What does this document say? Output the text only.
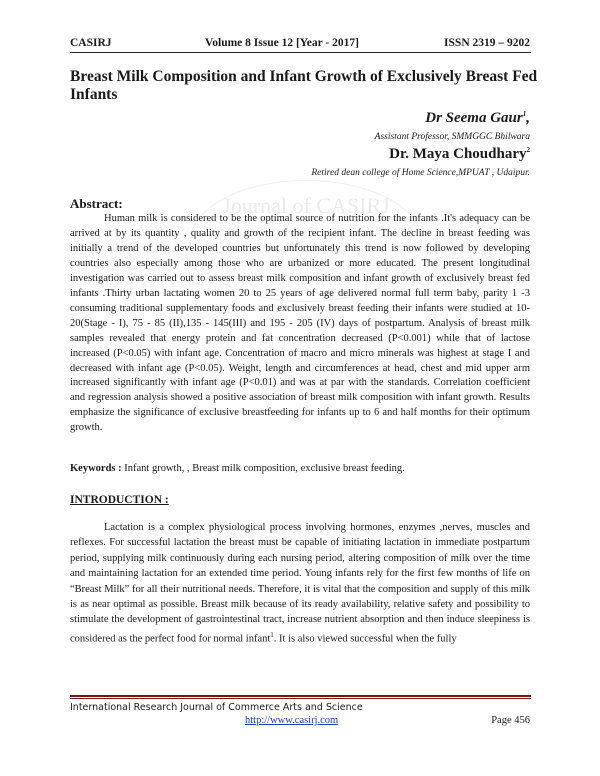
CASIRJ	Volume 8 Issue 12 [Year - 2017]	ISSN 2319 – 9202
Journal of CASIRJ
Breast Milk Composition and Infant Growth of Exclusively Breast Fed Infants
Dr Seema Gaur$^1$,
Assistant Professor, SMMGGC Bhilwara
Dr. Maya Choudhary$^2$
Retired dean college of Home Science,MPUAT , Udaipur.
Abstract:
Human milk is considered to be the optimal source of nutrition for the infants .It's adequacy can be arrived at by its quantity , quality and growth of the recipient infant. The decline in breast feeding was initially a trend of the developed countries but unfortunately this trend is now followed by developing countries also especially among those who are urbanized or more educated. The present longitudinal investigation was carried out to assess breast milk composition and infant growth of exclusively breast fed infants .Thirty urban lactating women 20 to 25 years of age delivered normal full term baby, parity 1 -3 consuming traditional supplementary foods and exclusively breast feeding their infants were studied at 10-20(Stage - I), 75 - 85 (II),135 - 145(III) and 195 - 205 (IV) days of postpartum. Analysis of breast milk samples revealed that energy protein and fat concentration decreased (P<0.001) while that of lactose increased (P<0.05) with infant age. Concentration of macro and micro minerals was highest at stage I and decreased with infant age (P<0.05). Weight, length and circumferences at head, chest and mid upper arm increased significantly with infant age (P<0.01) and was at par with the standards. Correlation coefficient and regression analysis showed a positive association of breast milk composition with infant growth. Results emphasize the significance of exclusive breastfeeding for infants up to 6 and half months for their optimum growth.
Keywords : Infant growth, , Breast milk composition, exclusive breast feeding.
INTRODUCTION :
Lactation is a complex physiological process involving hormones, enzymes ,nerves, muscles and reflexes. For successful lactation the breast must be capable of initiating lactation in immediate postpartum period, supplying milk continuously during each nursing period, altering composition of milk over the time and maintaining lactation for an extended time period. Young infants rely for the first few months of life on “Breast Milk” for all their nutritional needs. Therefore, it is vital that the composition and supply of this milk is as near optimal as possible. Breast milk because of its ready availability, relative safety and possibility to stimulate the development of gastrointestinal tract, increase nutrient absorption and then induce sleepiness is considered as the perfect food for normal infant$^1$. It is also viewed successful when the fully
International Research Journal of Commerce Arts and Science
http://www.casirj.com	Page 456
